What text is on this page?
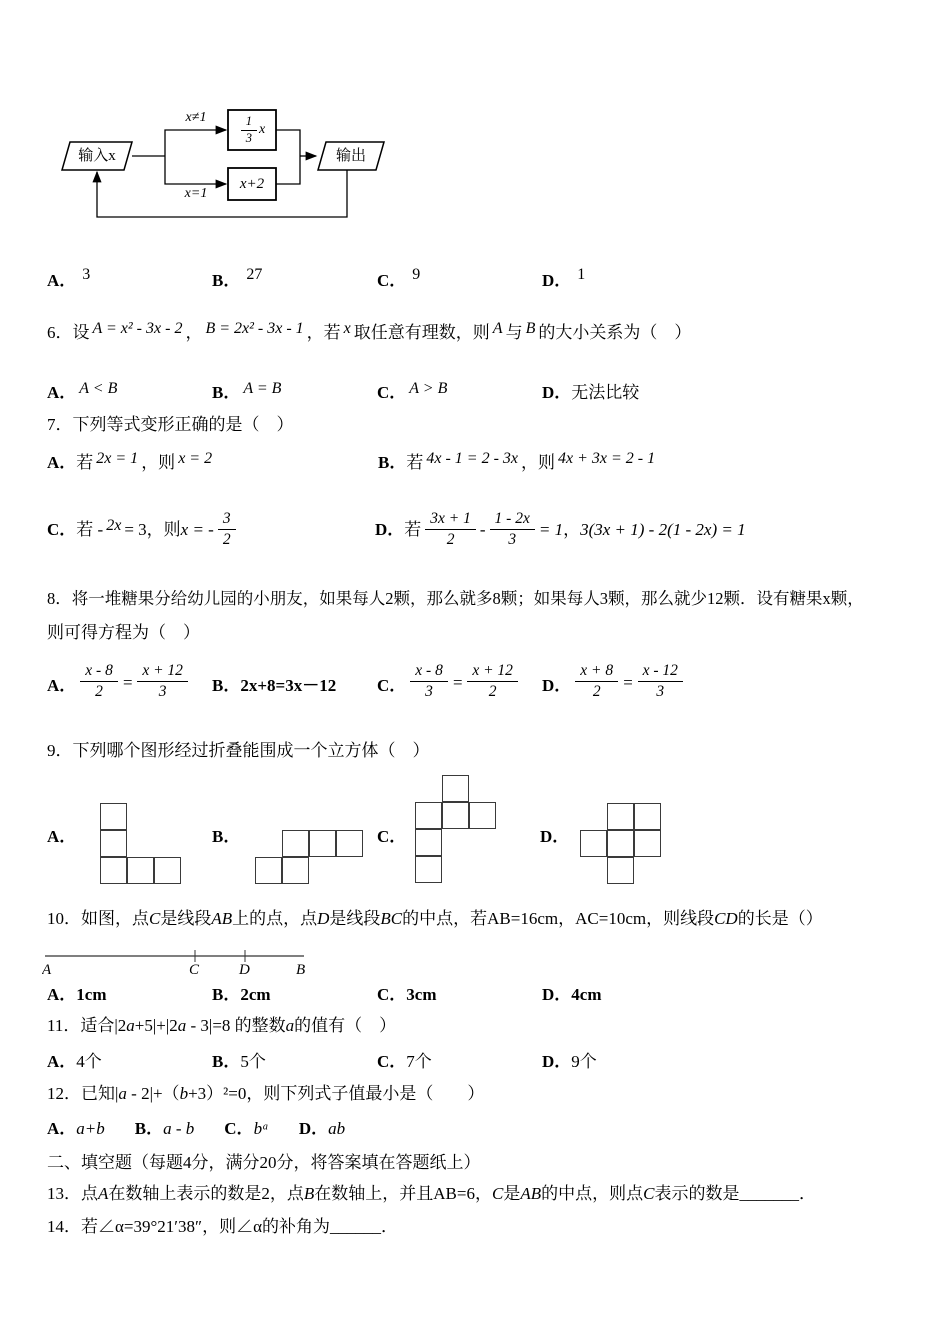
输入x	输出
x≠1
x=1
$\frac{1}{3}$ x
x+2
A． 3	B． 27	C． 9	D． 1
6．设 A = x² - 3x - 2 ， B = 2x² - 3x - 1 ，若 x 取任意有理数，则 A 与 B 的大小关系为（　）
A． A < B	B． A = B	C． A > B	D．无法比较
7．下列等式变形正确的是（　）
A．若 2x = 1 ，则 x = 2	B．若 4x - 1 = 2 - 3x ，则 4x + 3x = 2 - 1
C．若 - 2x = 3，则x = - $\frac{3}{2}$	D．若 $\frac{3x + 1}{2} - \frac{1 - 2x}{3} = 1$，3(3x + 1) - 2(1 - 2x) = 1
8．将一堆糖果分给幼儿园的小朋友，如果每人2颗，那么就多8颗；如果每人3颗，那么就少12颗．设有糖果x颗，
则可得方程为（　）
A． $\frac{x - 8}{2} = \frac{x + 12}{3}$ B． 2x+8=3x－12 C． $\frac{x - 8}{3} = \frac{x + 12}{2}$ D． $\frac{x + 8}{2} = \frac{x - 12}{3}$
9．下列哪个图形经过折叠能围成一个立方体（　）
A．	B．	C．	D．
10．如图，点C是线段AB上的点，点D是线段BC的中点，若AB=16cm，AC=10cm，则线段CD的长是（）
A	C	D	B
A．1cm	B．2cm	C．3cm	D．4cm
11．适合|2a+5|+|2a - 3|=8 的整数a的值有（　）
A．4个	B．5个	C．7个	D．9个
12．已知|a - 2|+（b+3）²=0，则下列式子值最小是（　　）
A．a+b B．a - b C．bᵃ D．ab
二、填空题（每题4分，满分20分，将答案填在答题纸上）
13．点A在数轴上表示的数是2，点B在数轴上，并且AB=6，C是AB的中点，则点C表示的数是_______．
14．若∠α=39°21′38″，则∠α的补角为______．
